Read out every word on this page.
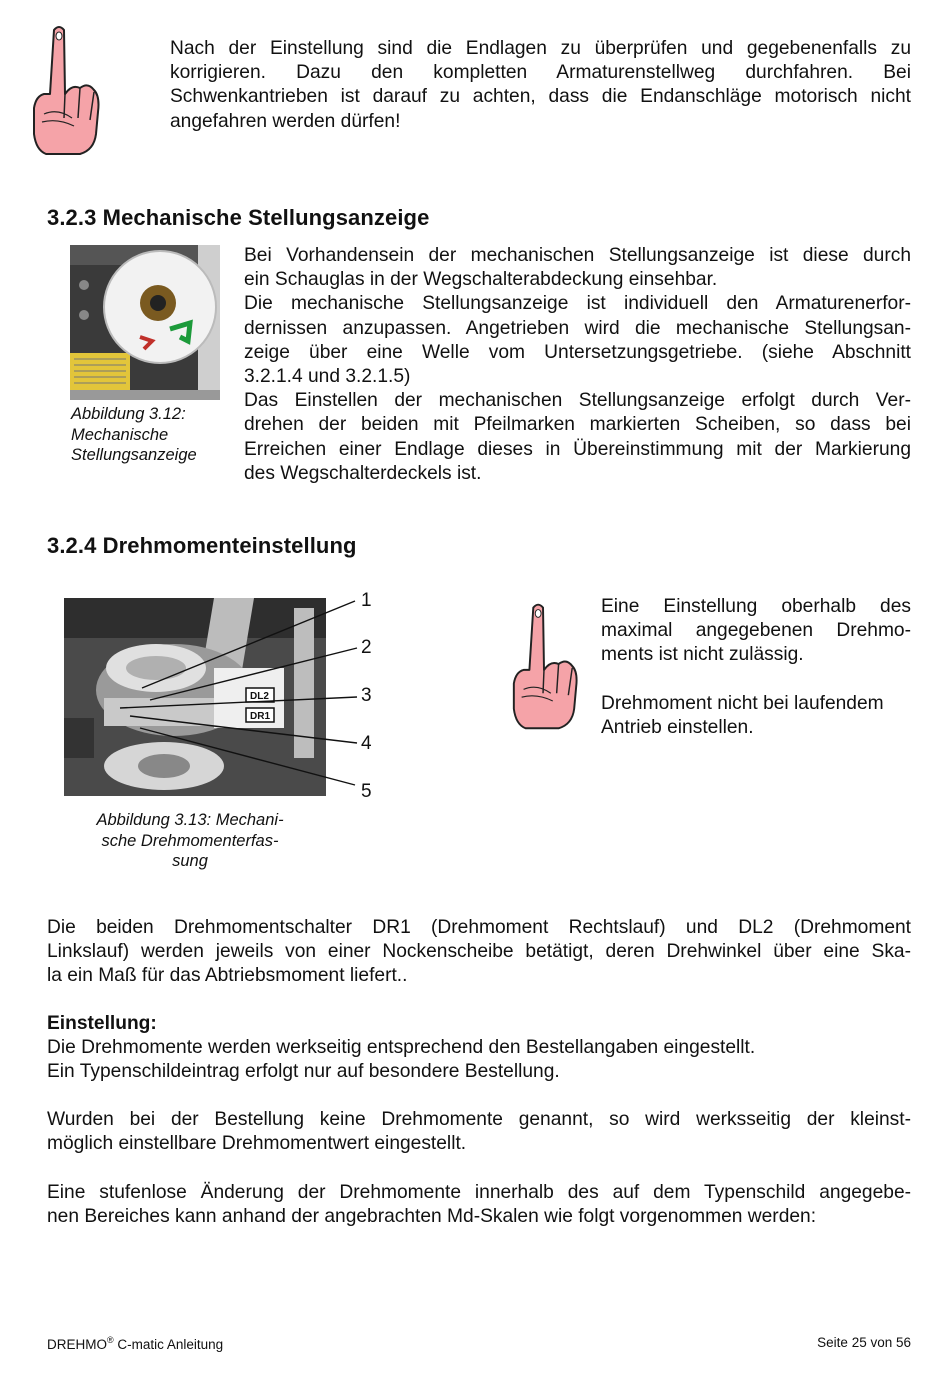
Nach der Einstellung sind die Endlagen zu überprüfen und gegebenenfalls zu
korrigieren. Dazu den kompletten Armaturenstellweg durchfahren. Bei
Schwenkantrieben ist darauf zu achten, dass die Endanschläge motorisch nicht
angefahren werden dürfen!
3.2.3 Mechanische Stellungsanzeige
Abbildung 3.12:
Mechanische
Stellungsanzeige
Bei Vorhandensein der mechanischen Stellungsanzeige ist diese durch
ein Schauglas in der Wegschalterabdeckung einsehbar.
Die mechanische Stellungsanzeige ist individuell den Armaturenerfor-
dernissen anzupassen. Angetrieben wird die mechanische Stellungsan-
zeige über eine Welle vom Untersetzungsgetriebe. (siehe Abschnitt
3.2.1.4 und 3.2.1.5)
Das Einstellen der mechanischen Stellungsanzeige erfolgt durch Ver-
drehen der beiden mit Pfeilmarken markierten Scheiben, so dass bei
Erreichen einer Endlage dieses in Übereinstimmung mit der Markierung
des Wegschalterdeckels ist.
3.2.4 Drehmomenteinstellung
DL2
DR1
1
2
3
4
5
Abbildung 3.13: Mechani-
sche Drehmomenterfas-
sung
Eine Einstellung oberhalb des
maximal angegebenen Drehmo-
ments ist nicht zulässig.
Drehmoment nicht bei laufendem
Antrieb einstellen.
Die beiden Drehmomentschalter DR1 (Drehmoment Rechtslauf) und DL2 (Drehmoment
Linkslauf) werden jeweils von einer Nockenscheibe betätigt, deren Drehwinkel über eine Ska-
la ein Maß für das Abtriebsmoment liefert..
Einstellung:
Die Drehmomente werden werkseitig entsprechend den Bestellangaben eingestellt.
Ein Typenschildeintrag erfolgt nur auf besondere Bestellung.
Wurden bei der Bestellung keine Drehmomente genannt, so wird werksseitig der kleinst-
möglich einstellbare Drehmomentwert eingestellt.
Eine stufenlose Änderung der Drehmomente innerhalb des auf dem Typenschild angegebe-
nen Bereiches kann anhand der angebrachten Md-Skalen wie folgt vorgenommen werden:
DREHMO® C-matic Anleitung	Seite 25 von 56
